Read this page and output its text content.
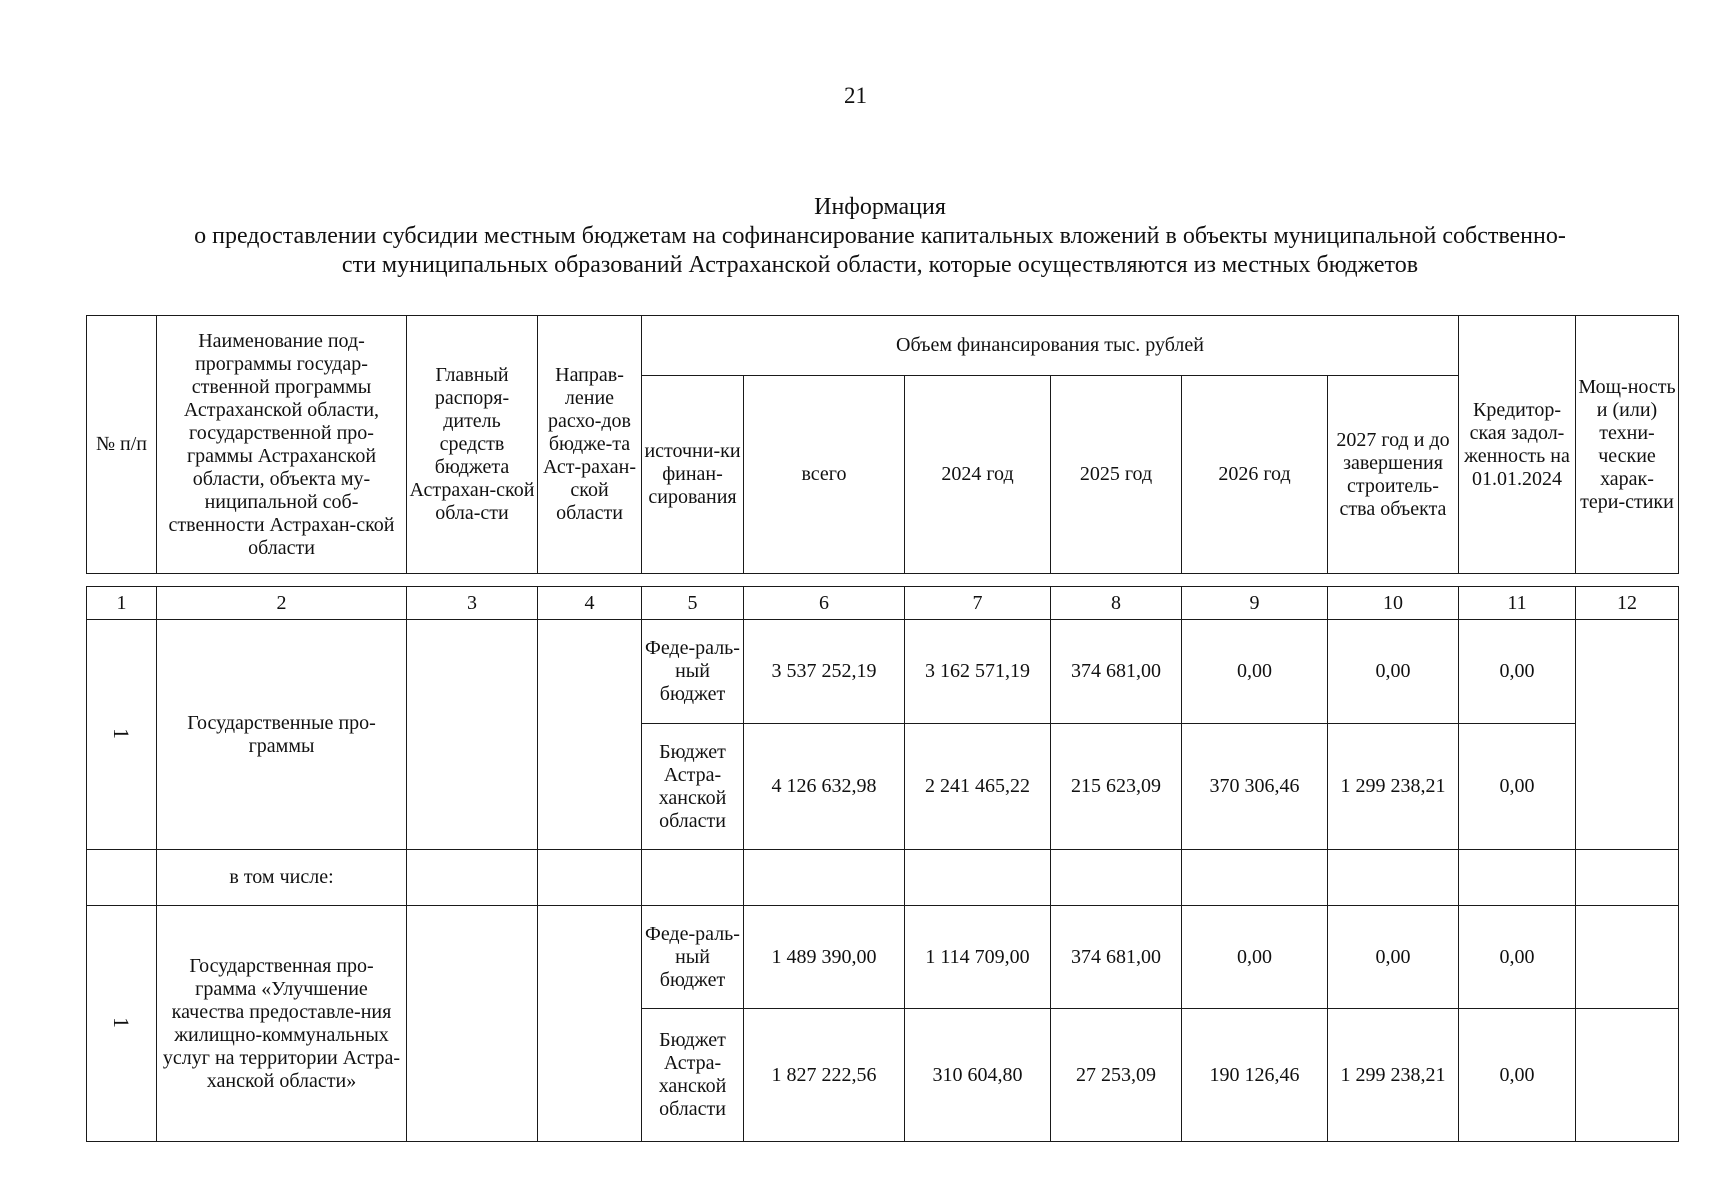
21
Информация
о предоставлении субсидии местным бюджетам на софинансирование капитальных вложений в объекты муниципальной собственно-
сти муниципальных образований Астраханской области, которые осуществляются из местных бюджетов
№ п/п	Наименование под-программы государ-ственной программы Астраханской области, государственной про-граммы Астраханской области, объекта му-ниципальной соб-ственности Астрахан-ской области	Главный распоря-дитель средств бюджета Астрахан-ской обла-сти	Направ-ление расхо-дов бюдже-та Аст-рахан-ской области	Объем финансирования тыс. рублей						Кредитор-ская задол-женность на 01.01.2024	Мощ-ность и (или) техни-ческие харак-тери-стики
				источни-ки финан-сирования	всего	2024 год	2025 год	2026 год	2027 год и до завершения строитель-ства объекта		
1	2	3	4	5	6	7	8	9	10	11	12
1	Государственные про-граммы			Феде-раль-ный бюджет	3 537 252,19	3 162 571,19	374 681,00	0,00	0,00	0,00	
				Бюджет Астра-ханской области	4 126 632,98	2 241 465,22	215 623,09	370 306,46	1 299 238,21	0,00	
	в том числе:										
1	Государственная про-грамма «Улучшение качества предоставле-ния жилищно-коммунальных услуг на территории Астра-ханской области»			Феде-раль-ный бюджет	1 489 390,00	1 114 709,00	374 681,00	0,00	0,00	0,00	
				Бюджет Астра-ханской области	1 827 222,56	310 604,80	27 253,09	190 126,46	1 299 238,21	0,00	
